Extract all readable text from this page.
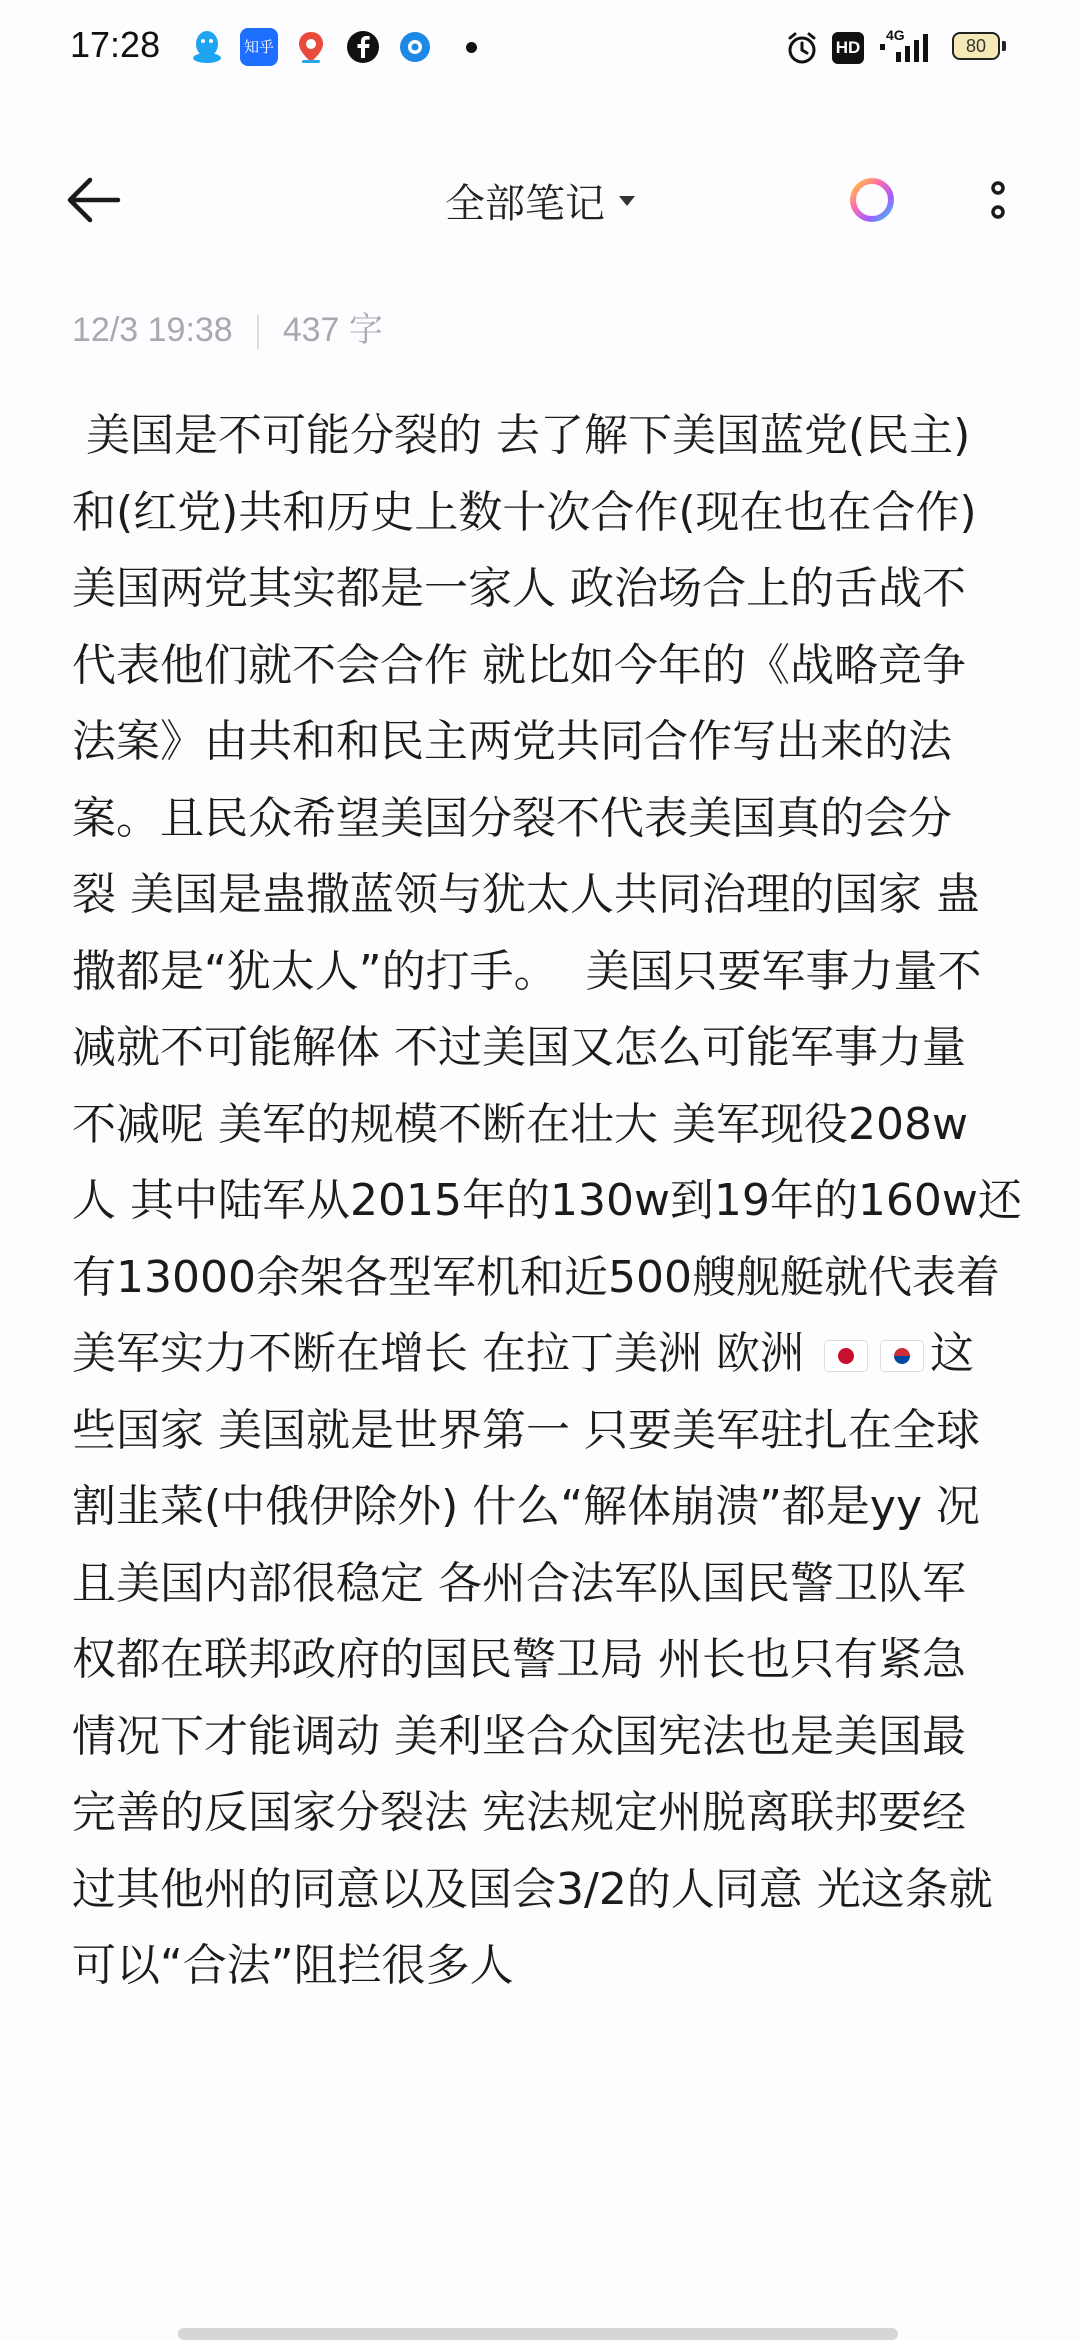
17:28	知乎	HD
4G
80
全部笔记
12/3 19:38 437 字
美国是不可能分裂的 去了解下美国蓝党(民主)
和(红党)共和历史上数十次合作(现在也在合作)
美国两党其实都是一家人 政治场合上的舌战不
代表他们就不会合作 就比如今年的《战略竞争
法案》由共和和民主两党共同合作写出来的法
案。且民众希望美国分裂不代表美国真的会分
裂 美国是蛊撒蓝领与犹太人共同治理的国家 蛊
撒都是“犹太人”的打手。  美国只要军事力量不
减就不可能解体 不过美国又怎么可能军事力量
不减呢 美军的规模不断在壮大 美军现役208w
人 其中陆军从2015年的130w到19年的160w还
有13000余架各型军机和近500艘舰艇就代表着
美军实力不断在增长 在拉丁美洲 欧洲	这
些国家 美国就是世界第一 只要美军驻扎在全球
割韭菜(中俄伊除外) 什么“解体崩溃”都是yy 况
且美国内部很稳定 各州合法军队国民警卫队军
权都在联邦政府的国民警卫局 州长也只有紧急
情况下才能调动 美利坚合众国宪法也是美国最
完善的反国家分裂法 宪法规定州脱离联邦要经
过其他州的同意以及国会3/2的人同意 光这条就
可以“合法”阻拦很多人
